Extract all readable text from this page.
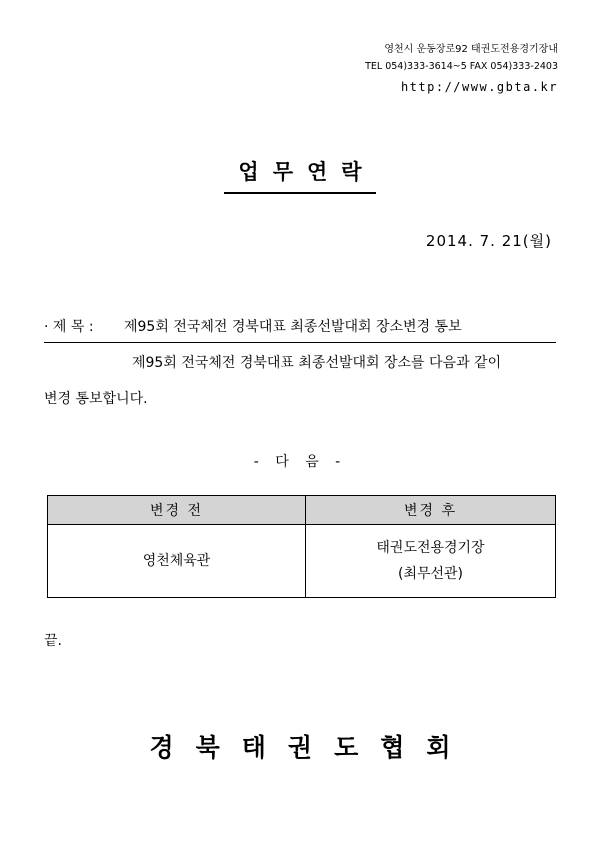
영천시 운동장로92 태권도전용경기장내
TEL 054)333-3614~5 FAX 054)333-2403
http://www.gbta.kr
업무연락
2014. 7. 21(월)
· 제 목 : 제95회 전국체전 경북대표 최종선발대회 장소변경 통보
제95회 전국체전 경북대표 최종선발대회 장소를 다음과 같이
변경 통보합니다.
- 다 음 -
변경 전	변경 후
영천체육관	태권도전용경기장
(최무선관)
끝.
경북태권도협회
